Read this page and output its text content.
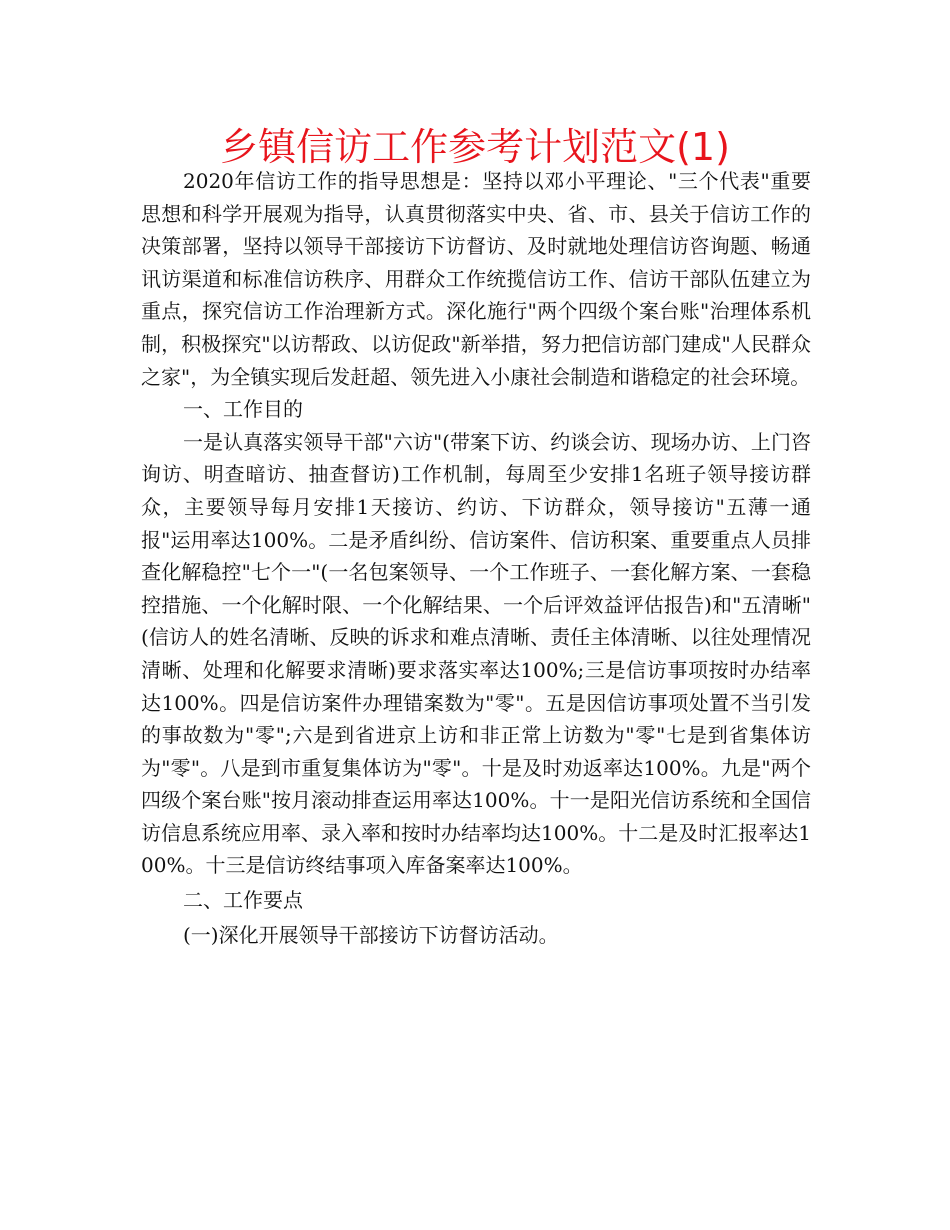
乡镇信访工作参考计划范文(1)

2020年信访工作的指导思想是：坚持以邓小平理论、"三个代表"重要思想和科学开展观为指导，认真贯彻落实中央、省、市、县关于信访工作的决策部署，坚持以领导干部接访下访督访、及时就地处理信访咨询题、畅通讯访渠道和标准信访秩序、用群众工作统揽信访工作、信访干部队伍建立为重点，探究信访工作治理新方式。深化施行"两个四级个案台账"治理体系机制，积极探究"以访帮政、以访促政"新举措，努力把信访部门建成"人民群众之家"，为全镇实现后发赶超、领先进入小康社会制造和谐稳定的社会环境。

一、工作目的

一是认真落实领导干部"六访"(带案下访、约谈会访、现场办访、上门咨询访、明查暗访、抽查督访)工作机制，每周至少安排1名班子领导接访群众，主要领导每月安排1天接访、约访、下访群众，领导接访"五薄一通报"运用率达100%。二是矛盾纠纷、信访案件、信访积案、重要重点人员排查化解稳控"七个一"(一名包案领导、一个工作班子、一套化解方案、一套稳控措施、一个化解时限、一个化解结果、一个后评效益评估报告)和"五清晰"(信访人的姓名清晰、反映的诉求和难点清晰、责任主体清晰、以往处理情况清晰、处理和化解要求清晰)要求落实率达100%;三是信访事项按时办结率达100%。四是信访案件办理错案数为"零"。五是因信访事项处置不当引发的事故数为"零";六是到省进京上访和非正常上访数为"零"七是到省集体访为"零"。八是到市重复集体访为"零"。十是及时劝返率达100%。九是"两个四级个案台账"按月滚动排查运用率达100%。十一是阳光信访系统和全国信访信息系统应用率、录入率和按时办结率均达100%。十二是及时汇报率达100%。十三是信访终结事项入库备案率达100%。

二、工作要点

(一)深化开展领导干部接访下访督访活动。
